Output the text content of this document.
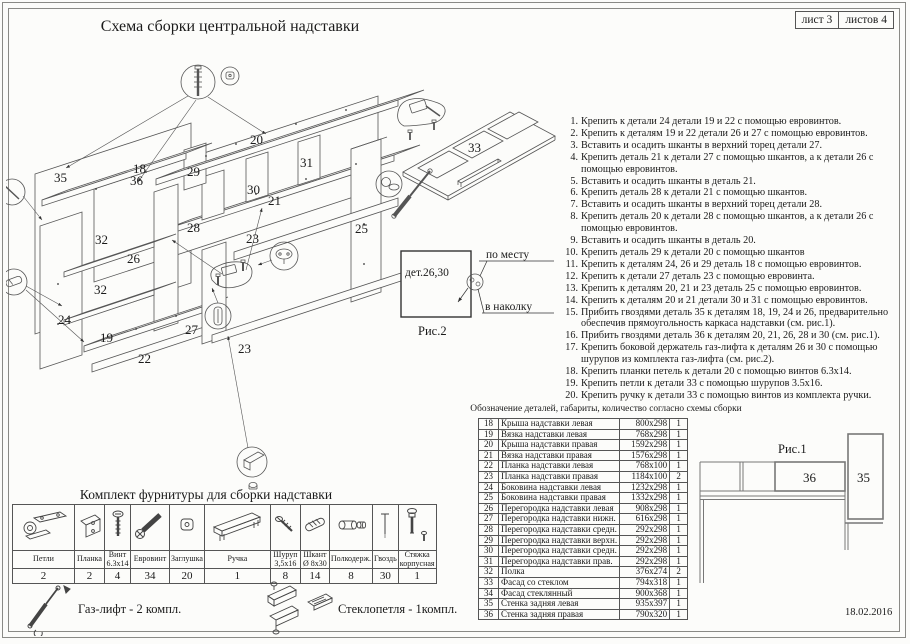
Схема сборки центральной надставки	лист 3	листов 4
дет.26,30
по месту
в наколку
Рис.2
36
20
18	29
35
31
30
21
26
32
32
28	25
24
19
22
27
23
23
33
1. Крепить к детали 24 детали 19 и 22 с помощью евровинтов.
2. Крепить к деталям 19 и 22 детали 26 и 27 с помощью евровинтов.
3. Вставить и осадить шканты в верхний торец детали 27.
4. Крепить деталь 21 к детали 27 с помощью шкантов, а к детали 26 с помощью евровинтов.
5. Вставить и осадить шканты в деталь 21.
6. Крепить деталь 28 к детали 21 с помощью шкантов.
7. Вставить и осадить шканты в верхний торец детали 28.
8. Крепить деталь 20 к детали 28 с помощью шкантов, а к детали 26 с помощью евровинтов.
9. Вставить и осадить шканты в деталь 20.
10. Крепить деталь 29 к детали 20 с помощью шкантов
11. Крепить к деталям 24, 26 и 29 деталь 18 с помощью евровинтов.
12. Крепить к детали 27 деталь 23 с помощью евровинта.
13. Крепить к деталям 20, 21 и 23 деталь 25 с помощью евровинтов.
14. Крепить к деталям 20 и 21 детали 30 и 31 с помощью евровинтов.
15. Прибить гвоздями деталь 35 к деталям 18, 19, 24 и 26, предварительно обеспечив прямоугольность каркаса надставки (см. рис.1).
16. Прибить гвоздями деталь 36 к деталям 20, 21, 26, 28 и 30 (см. рис.1).
17. Крепить боковой держатель газ-лифта к деталям 26 и 30 с помощью шурупов из комплекта газ-лифта (см. рис.2).
18. Крепить планки петель к детали 20 с помощью винтов 6.3x14.
19. Крепить петли к детали 33 с помощью шурупов 3.5x16.
20. Крепить ручку к детали 33 с помощью винтов из комплекта ручки.
Обозначение деталей, габариты, количество согласно схемы сборки
18	Крыша надставки левая	800x298	1
19	Вязка надставки левая	768x298	1
20	Крыша надставки правая	1592x298	1
21	Вязка надставки правая	1576x298	1
22	Планка надставки левая	768x100	1
23	Планка надставки правая	1184x100	2
24	Боковина надставки левая	1232x298	1
25	Боковина надставки правая	1332x298	1
26	Перегородка надставки левая	908x298	1
27	Перегородка надставки нижн.	616x298	1
28	Перегородка надставки средн.	292x298	1
29	Перегородка надставки верхн.	292x298	1
30	Перегородка надставки средн.	292x298	1
31	Перегородка надставки прав.	292x298	1
32	Полка	376x274	2
33	Фасад со стеклом	794x318	1
34	Фасад стеклянный	900x368	1
35	Стенка задняя левая	935x397	1
36	Стенка задняя правая	790x320	1
Рис.1
36	35
Комплект фурнитуры для сборки надставки

Петли	Планка	Винт 6.3x14	Евровинт	Заглушка	Ручка	Шуруп 3,5x16	Шкант Ø 8x30	Полкодерж.	Гвоздь	Стяжка корпусная
2	2	4	34	20	1	8	14	8	30	1
Газ-лифт - 2 компл.	Стеклопетля - 1компл.	18.02.2016
